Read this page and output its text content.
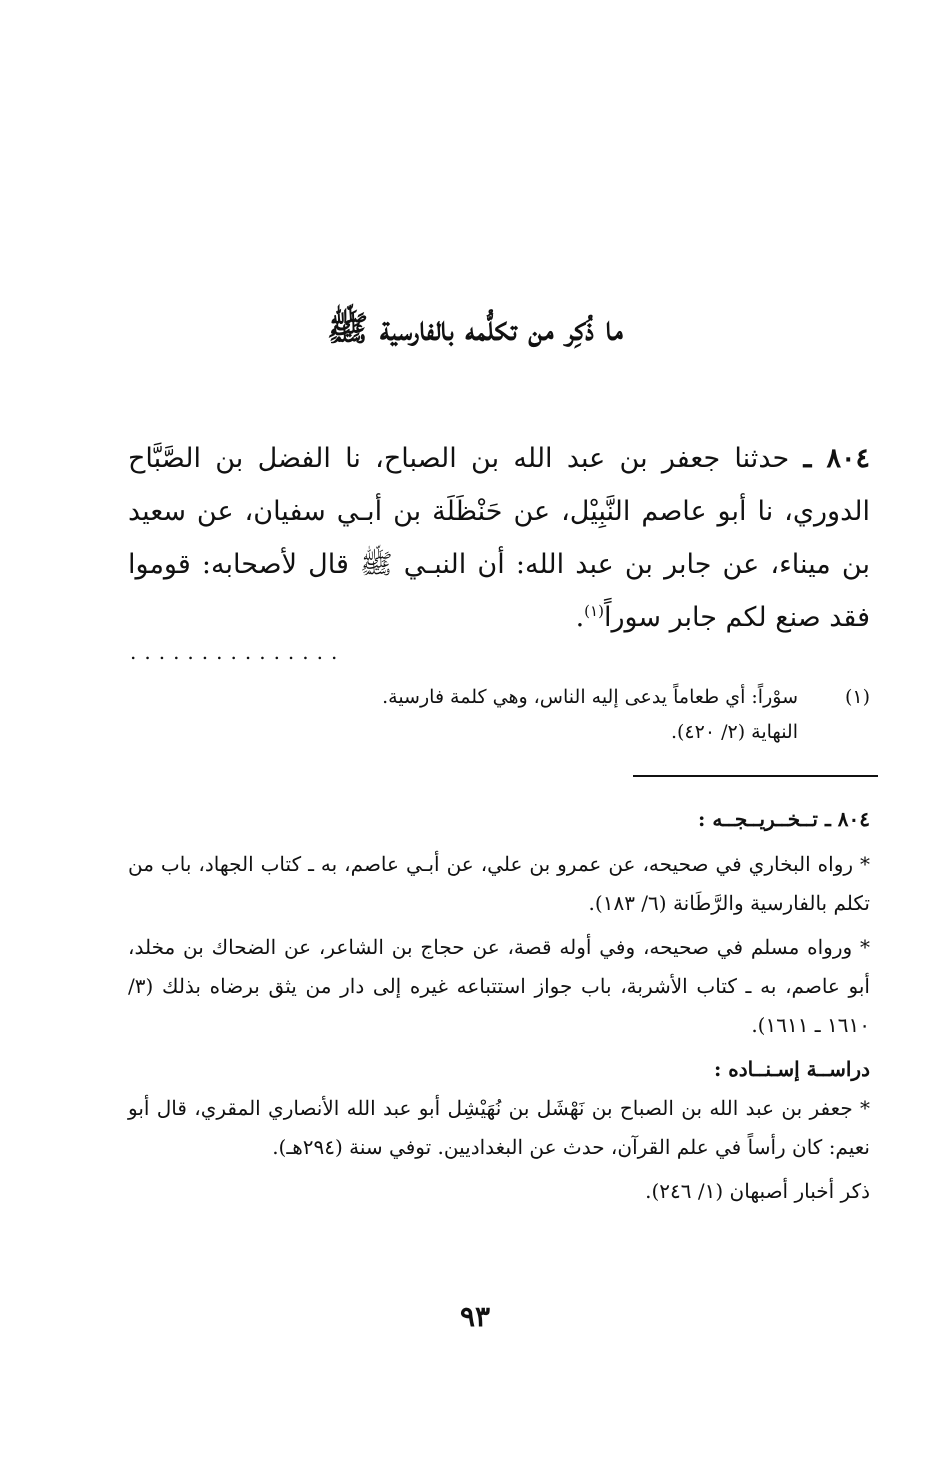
ما ذُكِر من تكلُّمه بالفارسية ﷺ

٨٠٤ ـ حدثنا جعفر بن عبد الله بن الصباح، نا الفضل بن الصَّبَّاح الدوري، نا أبو عاصم النَّبِيْل، عن حَنْظَلَة بن أبـي سفيان، عن سعيد بن ميناء، عن جابر بن عبد الله: أن النبـي ﷺ قال لأصحابه: قوموا فقد صنع لكم جابر سوراً$^{(١)}$.

...............
(١)

سوْراً: أي طعاماً يدعى إليه الناس، وهي كلمة فارسية.

النهاية (٢/ ٤٢٠).

٨٠٤ ـ تــخــريــجــه :

* رواه البخاري في صحيحه، عن عمرو بن علي، عن أبـي عاصم، به ـ كتاب الجهاد، باب من تكلم بالفارسية والرَّطَانة (٦/ ١٨٣).

* ورواه مسلم في صحيحه، وفي أوله قصة، عن حجاج بن الشاعر، عن الضحاك بن مخلد، أبو عاصم، به ـ كتاب الأشربة، باب جواز استتباعه غيره إلى دار من يثق برضاه بذلك (٣/ ١٦١٠ ـ ١٦١١).

دراســة إسـنــاده :

* جعفر بن عبد الله بن الصباح بن نَهْشَل بن نُهَيْشِل أبو عبد الله الأنصاري المقري، قال أبو نعيم: كان رأساً في علم القرآن، حدث عن البغداديين. توفي سنة (٢٩٤هـ).

ذكر أخبار أصبهان (١/ ٢٤٦).

٩٣
